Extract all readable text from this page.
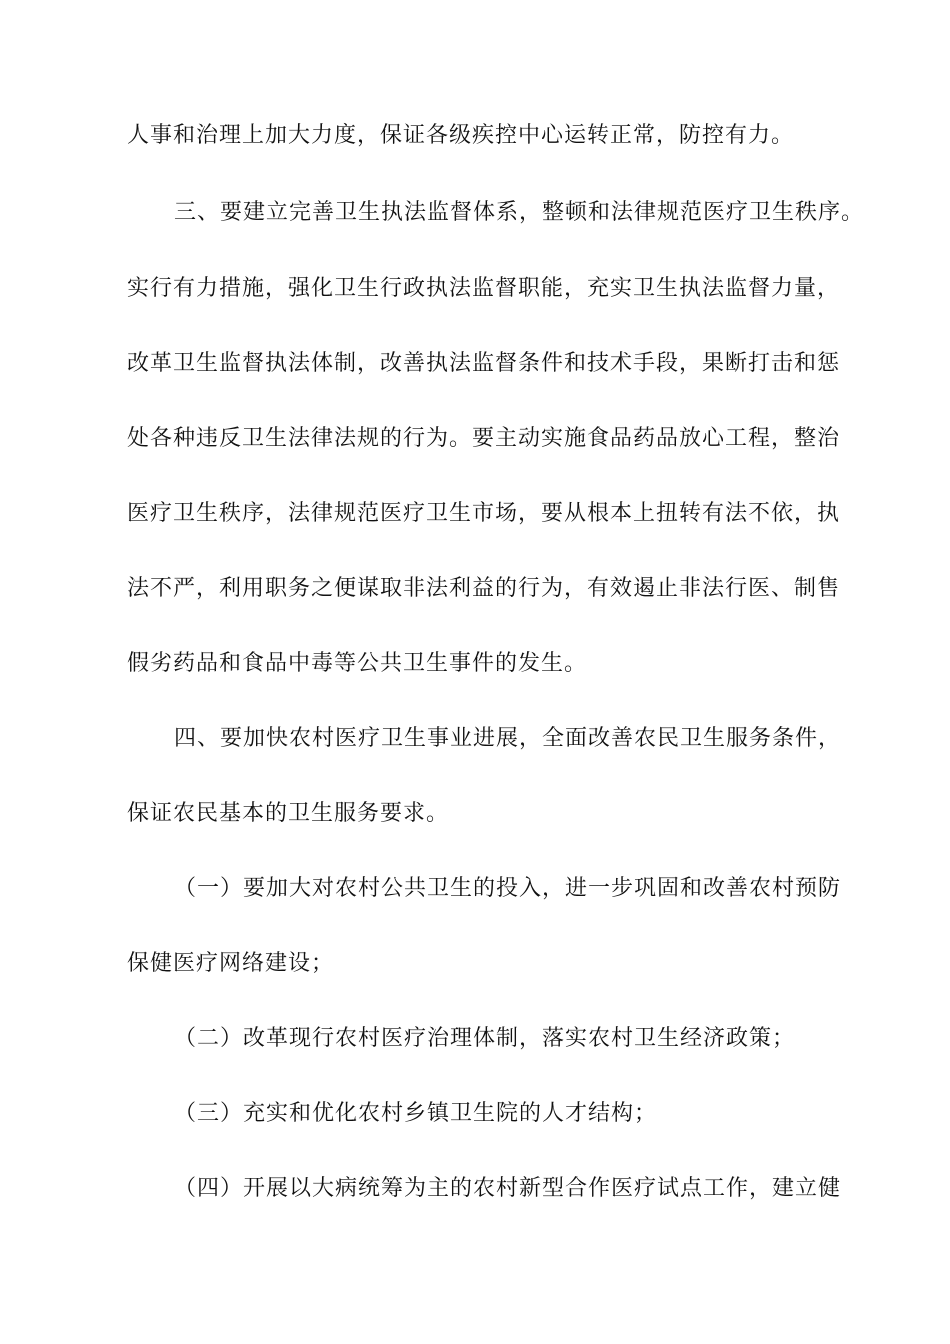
人事和治理上加大力度，保证各级疾控中心运转正常，防控有力。
三、要建立完善卫生执法监督体系，整顿和法律规范医疗卫生秩序。
实行有力措施，强化卫生行政执法监督职能，充实卫生执法监督力量，
改革卫生监督执法体制，改善执法监督条件和技术手段，果断打击和惩
处各种违反卫生法律法规的行为。要主动实施食品药品放心工程，整治
医疗卫生秩序，法律规范医疗卫生市场，要从根本上扭转有法不依，执
法不严，利用职务之便谋取非法利益的行为，有效遏止非法行医、制售
假劣药品和食品中毒等公共卫生事件的发生。
四、要加快农村医疗卫生事业进展，全面改善农民卫生服务条件，
保证农民基本的卫生服务要求。
（一）要加大对农村公共卫生的投入，进一步巩固和改善农村预防
保健医疗网络建设；
（二）改革现行农村医疗治理体制，落实农村卫生经济政策；
（三）充实和优化农村乡镇卫生院的人才结构；
（四）开展以大病统筹为主的农村新型合作医疗试点工作，建立健
